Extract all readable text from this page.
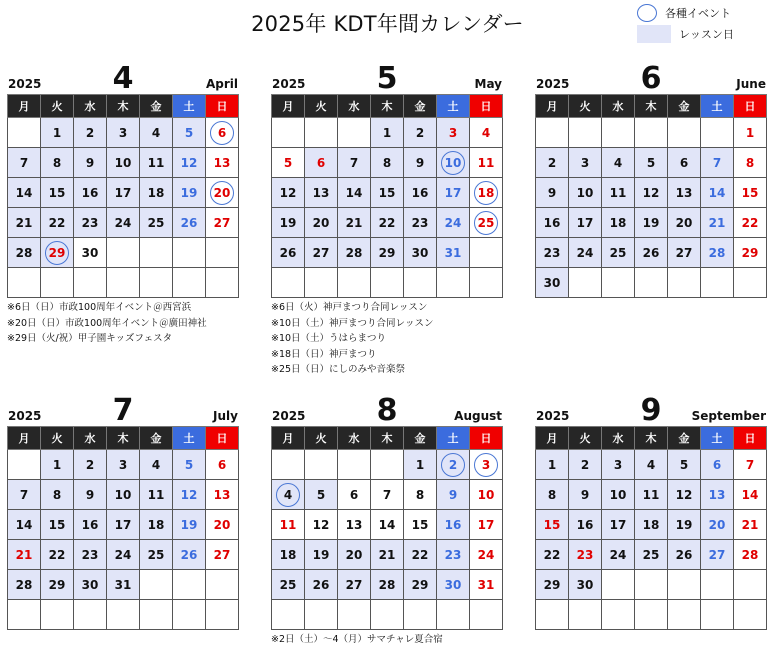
2025年 KDT年間カレンダー	各種イベント
レッスン日
2025	4	April
月	火	水	木	金	土	日
	1	2	3	4	5	6
7	8	9	10	11	12	13
14	15	16	17	18	19	20
21	22	23	24	25	26	27
28	29	30				

※6日（日）市政100周年イベント＠西宮浜
※20日（日）市政100周年イベント＠廣田神社
※29日（火/祝）甲子園キッズフェスタ
2025	5	May
月	火	水	木	金	土	日
			1	2	3	4
5	6	7	8	9	10	11
12	13	14	15	16	17	18
19	20	21	22	23	24	25
26	27	28	29	30	31	

※6日（火）神戸まつり合同レッスン
※10日（土）神戸まつり合同レッスン
※10日（土）うはらまつり
※18日（日）神戸まつり
※25日（日）にしのみや音楽祭
2025	6	June
月	火	水	木	金	土	日
						1
2	3	4	5	6	7	8
9	10	11	12	13	14	15
16	17	18	19	20	21	22
23	24	25	26	27	28	29
30						
2025	7	July
月	火	水	木	金	土	日
	1	2	3	4	5	6
7	8	9	10	11	12	13
14	15	16	17	18	19	20
21	22	23	24	25	26	27
28	29	30	31			

2025	8	August
月	火	水	木	金	土	日
				1	2	3
4	5	6	7	8	9	10
11	12	13	14	15	16	17
18	19	20	21	22	23	24
25	26	27	28	29	30	31

※2日（土）〜4（月）サマチャレ夏合宿
2025	9	September
月	火	水	木	金	土	日
1	2	3	4	5	6	7
8	9	10	11	12	13	14
15	16	17	18	19	20	21
22	23	24	25	26	27	28
29	30					
